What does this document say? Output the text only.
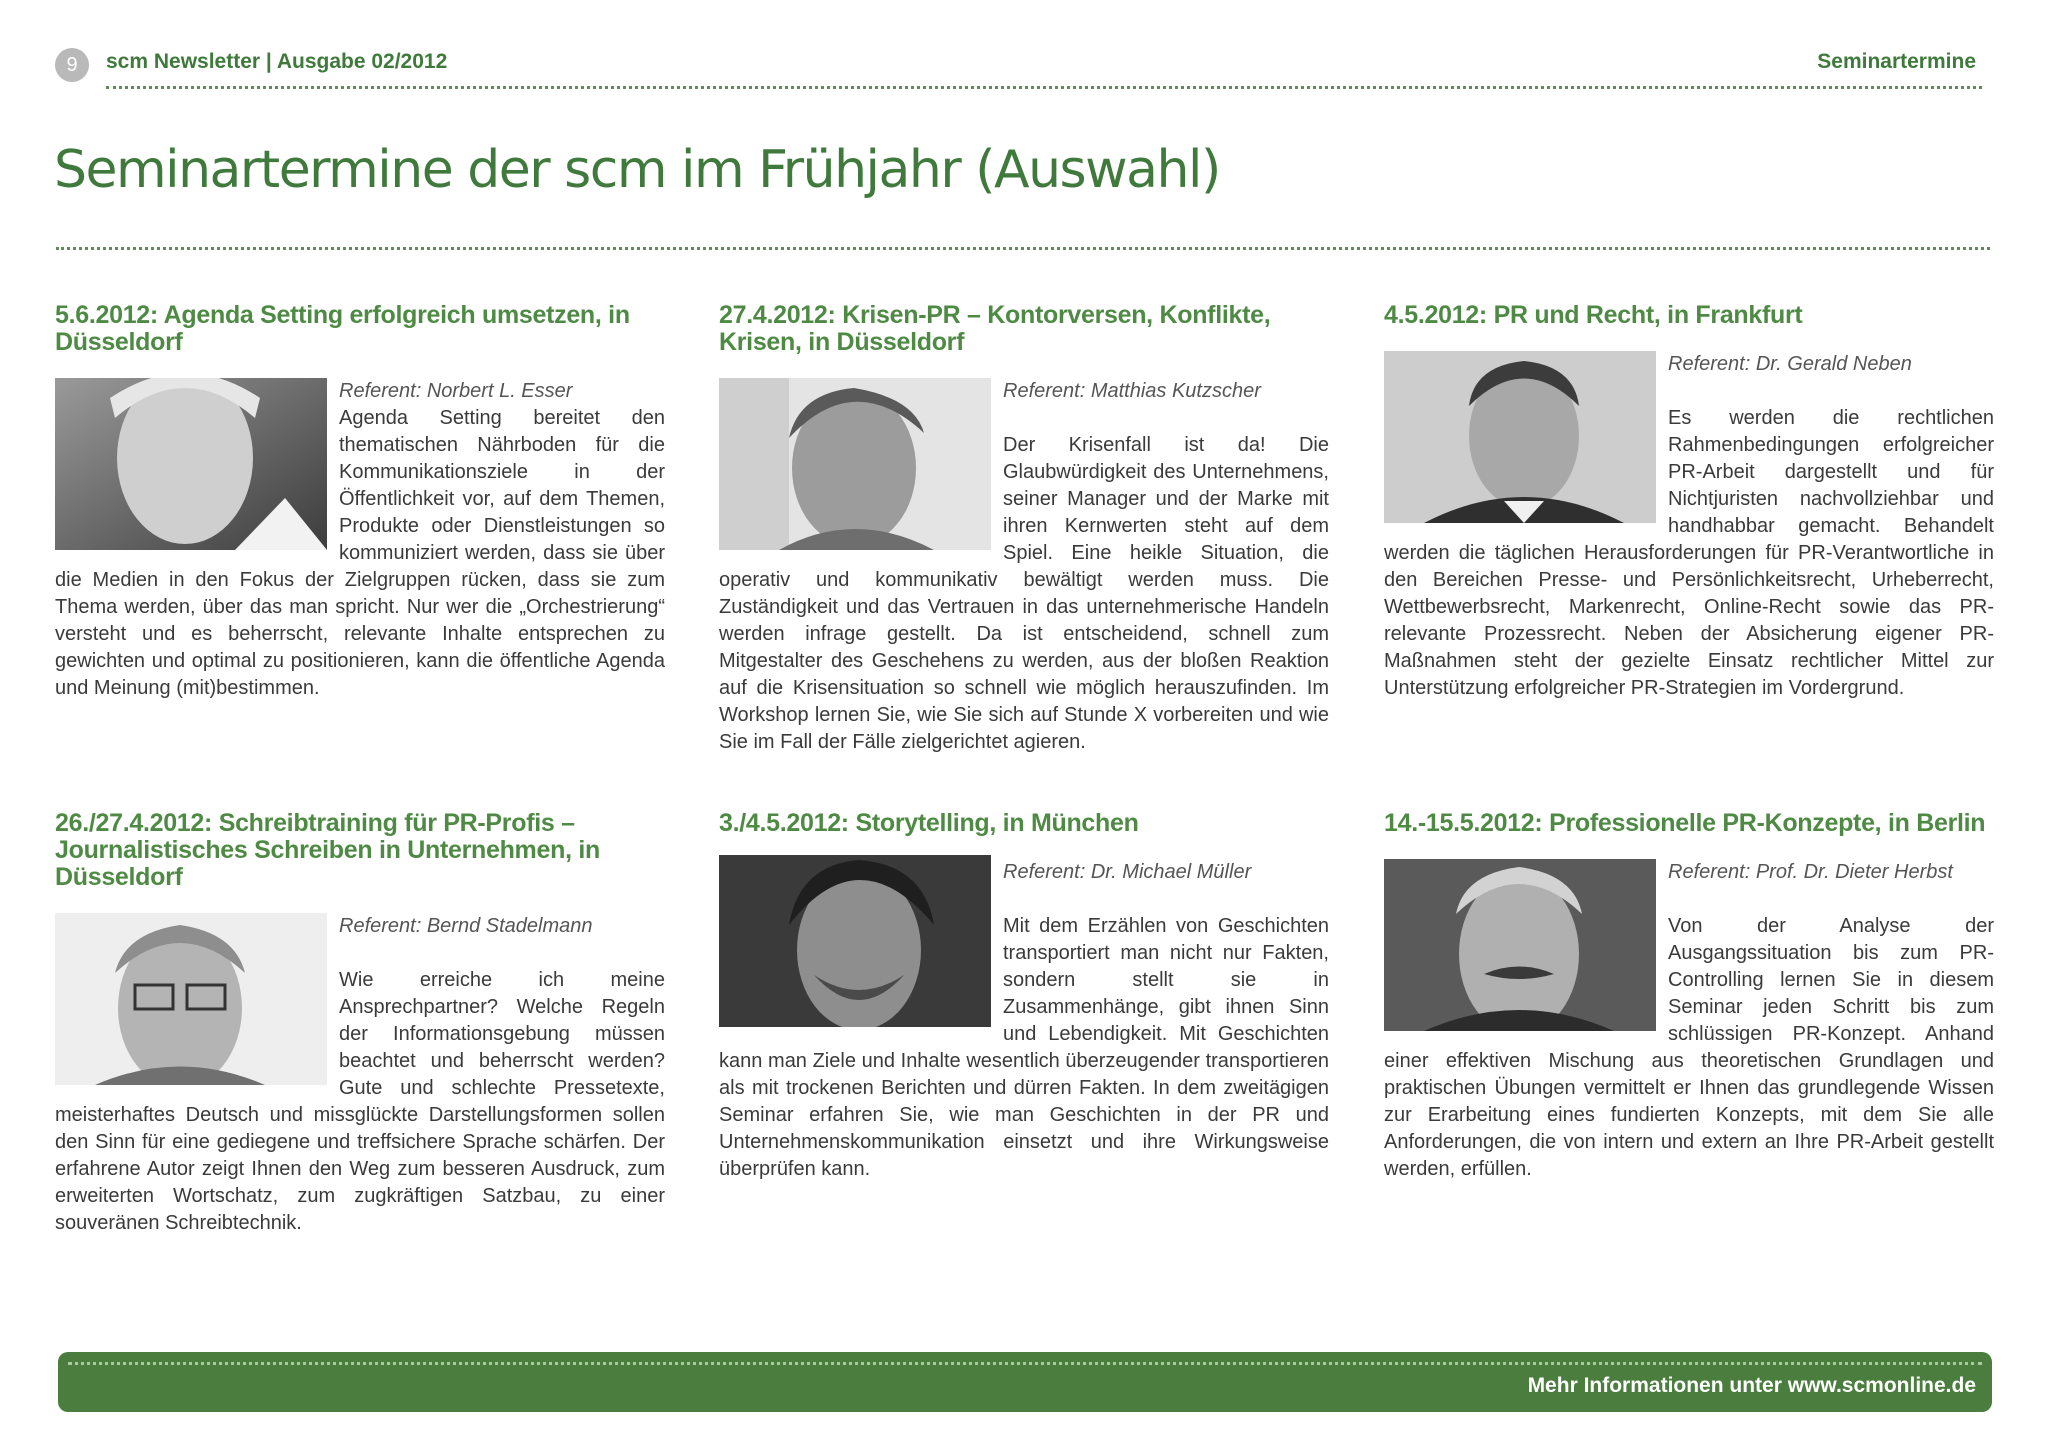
9	scm Newsletter | Ausgabe 02/2012	Seminartermine
Seminartermine der scm im Frühjahr (Auswahl)
5.6.2012: Agenda Setting erfolgreich umsetzen, in Düsseldorf
Referent: Norbert L. Esser
Agenda Setting bereitet den thematischen Nährboden für die Kommunikationsziele in der Öffentlichkeit vor, auf dem Themen, Produkte oder Dienstleistungen so kommuniziert werden, dass sie über die Medien in den Fokus der Zielgruppen rücken, dass sie zum Thema werden, über das man spricht. Nur wer die „Orchestrierung“ versteht und es beherrscht, relevante Inhalte entsprechen zu gewichten und optimal zu positionieren, kann die öffentliche Agenda und Meinung (mit)bestimmen.
27.4.2012: Krisen-PR – Kontorversen, Konflikte, Krisen, in Düsseldorf
Referent: Matthias Kutzscher
Der Krisenfall ist da! Die Glaubwürdigkeit des Unternehmens, seiner Manager und der Marke mit ihren Kernwerten steht auf dem Spiel. Eine heikle Situation, die operativ und kommunikativ bewältigt werden muss. Die Zuständigkeit und das Vertrauen in das unternehmerische Handeln werden infrage gestellt. Da ist entscheidend, schnell zum Mitgestalter des Geschehens zu werden, aus der bloßen Reaktion auf die Krisensituation so schnell wie möglich herauszufinden. Im Workshop lernen Sie, wie Sie sich auf Stunde X vorbereiten und wie Sie im Fall der Fälle zielgerichtet agieren.
4.5.2012: PR und Recht, in Frankfurt
Referent: Dr. Gerald Neben
Es werden die rechtlichen Rahmenbedingungen erfolgreicher PR-Arbeit dargestellt und für Nichtjuristen nachvollziehbar und handhabbar gemacht. Behandelt werden die täglichen Herausforderungen für PR-Verantwortliche in den Bereichen Presse- und Persönlichkeitsrecht, Urheberrecht, Wettbewerbsrecht, Markenrecht, Online-Recht sowie das PR-relevante Prozessrecht. Neben der Absicherung eigener PR-Maßnahmen steht der gezielte Einsatz rechtlicher Mittel zur Unterstützung erfolgreicher PR-Strategien im Vordergrund.
26./27.4.2012: Schreibtraining für PR-Profis – Journalistisches Schreiben in Unternehmen, in Düsseldorf
Referent: Bernd Stadelmann
Wie erreiche ich meine Ansprechpartner? Welche Regeln der Informationsgebung müssen beachtet und beherrscht werden? Gute und schlechte Pressetexte, meisterhaftes Deutsch und missglückte Darstellungsformen sollen den Sinn für eine gediegene und treffsichere Sprache schärfen. Der erfahrene Autor zeigt Ihnen den Weg zum besseren Ausdruck, zum erweiterten Wortschatz, zum zugkräftigen Satzbau, zu einer souveränen Schreibtechnik.
3./4.5.2012: Storytelling, in München
Referent: Dr. Michael Müller
Mit dem Erzählen von Geschichten transportiert man nicht nur Fakten, sondern stellt sie in Zusammenhänge, gibt ihnen Sinn und Lebendigkeit. Mit Geschichten kann man Ziele und Inhalte wesentlich überzeugender transportieren als mit trockenen Berichten und dürren Fakten. In dem zweitägigen Seminar erfahren Sie, wie man Geschichten in der PR und Unternehmenskommunikation einsetzt und ihre Wirkungsweise überprüfen kann.
14.-15.5.2012: Professionelle PR-Konzepte, in Berlin
Referent: Prof. Dr. Dieter Herbst
Von der Analyse der Ausgangssituation bis zum PR-Controlling lernen Sie in diesem Seminar jeden Schritt bis zum schlüssigen PR-Konzept. Anhand einer effektiven Mischung aus theoretischen Grundlagen und praktischen Übungen vermittelt er Ihnen das grundlegende Wissen zur Erarbeitung eines fundierten Konzepts, mit dem Sie alle Anforderungen, die von intern und extern an Ihre PR-Arbeit gestellt werden, erfüllen.
Mehr Informationen unter www.scmonline.de
